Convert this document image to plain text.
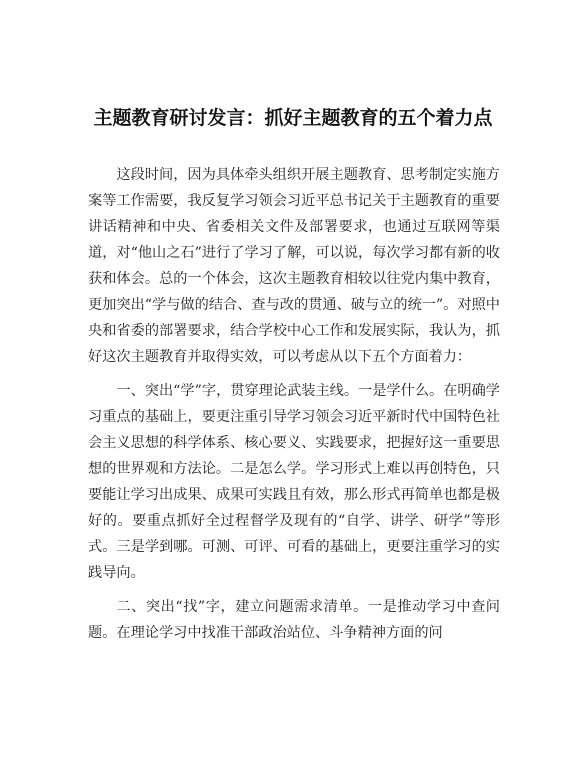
主题教育研讨发言：抓好主题教育的五个着力点

这段时间，因为具体牵头组织开展主题教育、思考制定实施方案等工作需要，我反复学习领会习近平总书记关于主题教育的重要讲话精神和中央、省委相关文件及部署要求，也通过互联网等渠道，对“他山之石”进行了学习了解，可以说，每次学习都有新的收获和体会。总的一个体会，这次主题教育相较以往党内集中教育，更加突出“学与做的结合、查与改的贯通、破与立的统一”。对照中央和省委的部署要求，结合学校中心工作和发展实际，我认为，抓好这次主题教育并取得实效，可以考虑从以下五个方面着力：

一、突出“学”字，贯穿理论武装主线。一是学什么。在明确学习重点的基础上，要更注重引导学习领会习近平新时代中国特色社会主义思想的科学体系、核心要义、实践要求，把握好这一重要思想的世界观和方法论。二是怎么学。学习形式上难以再创特色，只要能让学习出成果、成果可实践且有效，那么形式再简单也都是极好的。要重点抓好全过程督学及现有的“自学、讲学、研学”等形式。三是学到哪。可测、可评、可看的基础上，更要注重学习的实践导向。

二、突出“找”字，建立问题需求清单。一是推动学习中查问题。在理论学习中找准干部政治站位、斗争精神方面的问
